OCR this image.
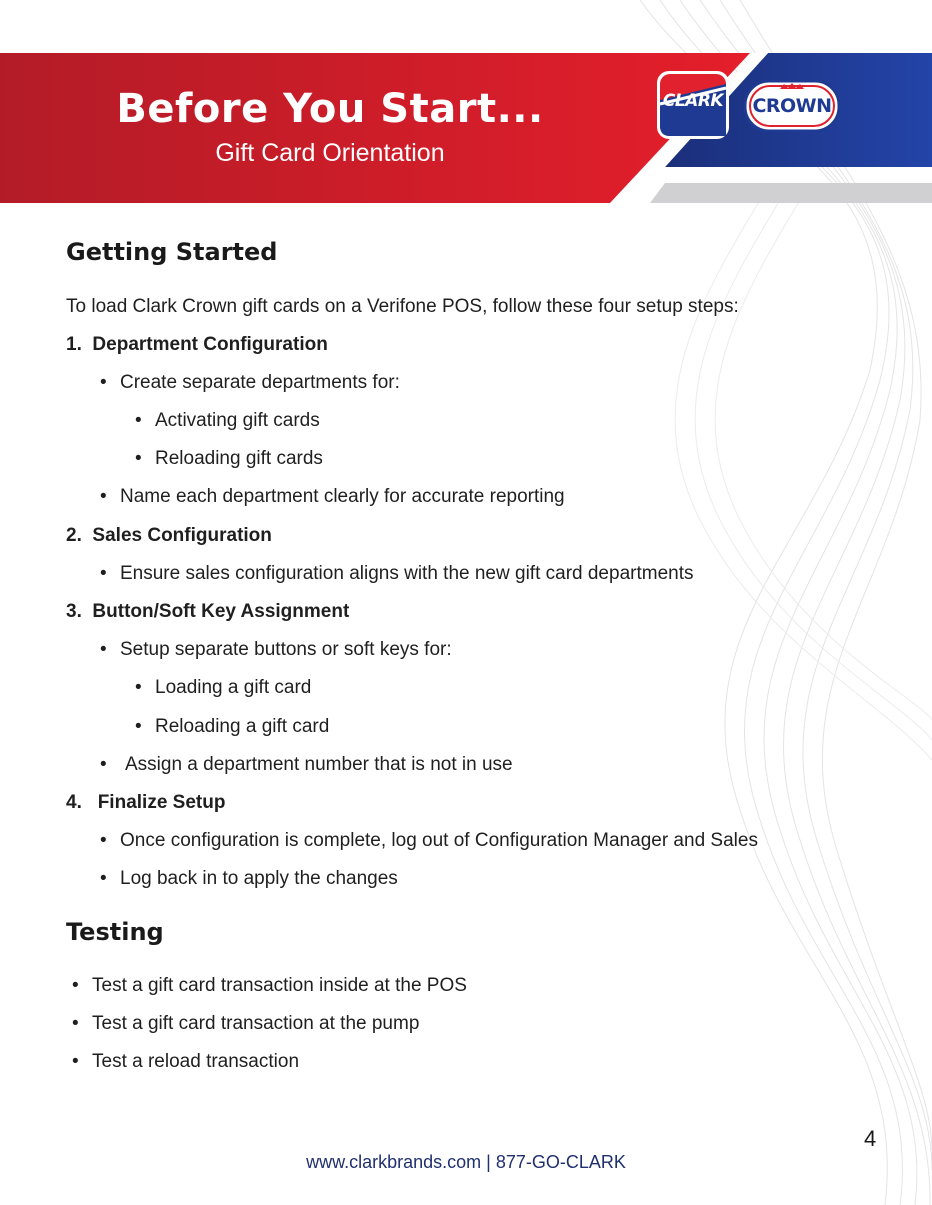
Before You Start...
Gift Card Orientation
CLARK	CROWN
Getting Started
To load Clark Crown gift cards on a Verifone POS, follow these four setup steps:
1. Department Configuration
• Create separate departments for:
• Activating gift cards
• Reloading gift cards
• Name each department clearly for accurate reporting
2. Sales Configuration
• Ensure sales configuration aligns with the new gift card departments
3. Button/Soft Key Assignment
• Setup separate buttons or soft keys for:
• Loading a gift card
• Reloading a gift card
• Assign a department number that is not in use
4. Finalize Setup
• Once configuration is complete, log out of Configuration Manager and Sales
• Log back in to apply the changes
Testing
• Test a gift card transaction inside at the POS
• Test a gift card transaction at the pump
• Test a reload transaction
4
www.clarkbrands.com | 877-GO-CLARK
